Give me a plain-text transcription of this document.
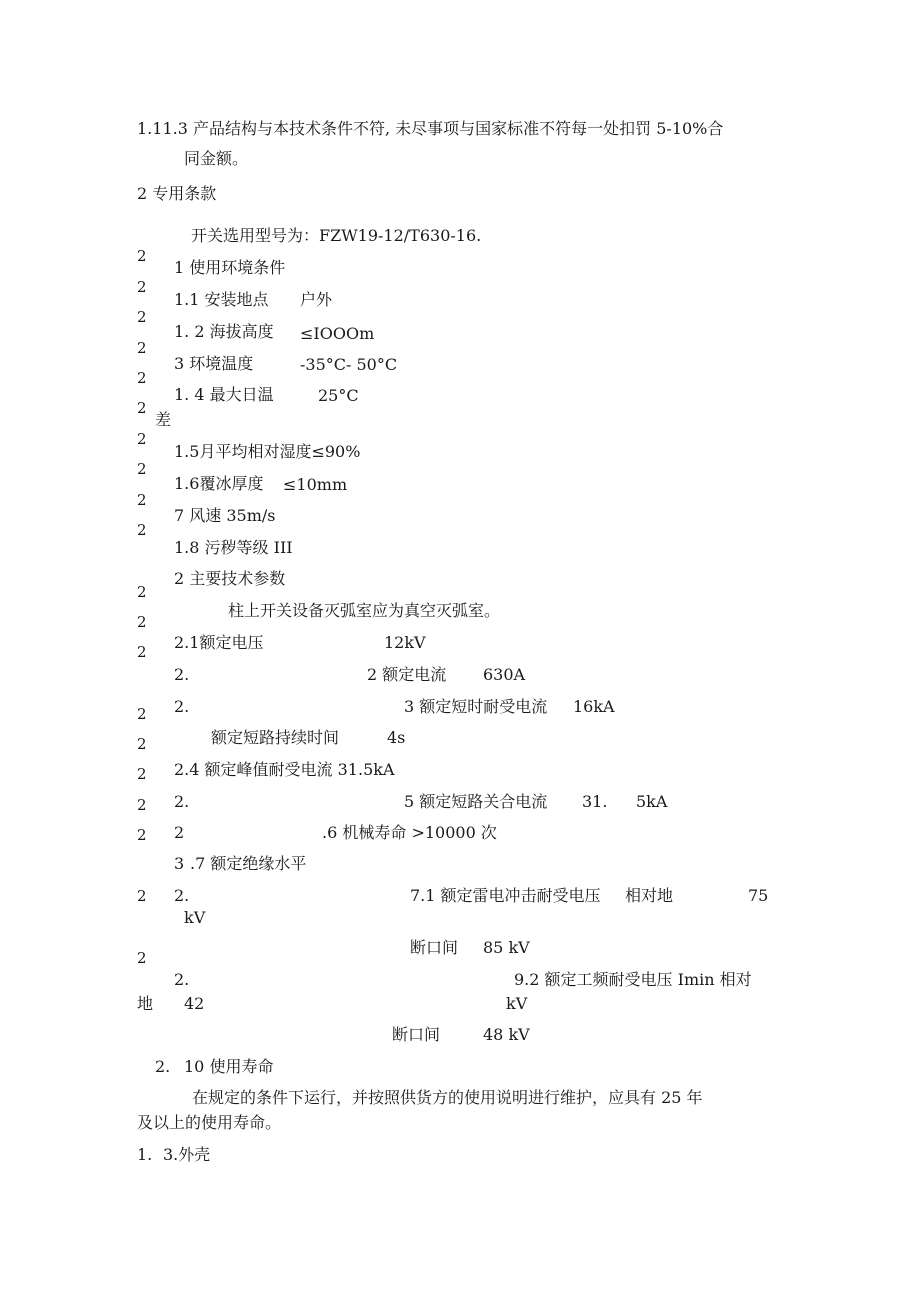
1.11.3 产品结构与本技术条件不符, 未尽事项与国家标准不符每一处扣罚 5-10%合
同金额。
2 专用条款
开关选用型号为：FZW19-12/T630-16.
2
2
2
2
2
2
2
2
2
2
2
2
2
2
2
2
2
2
2
2
1 使用环境条件
1.1 安装地点 户外
1. 2 海拔高度 ≤IOOOm
3 环境温度	-35°C- 50°C
1. 4 最大日温	25°C
差
1.5月平均相对湿度≤90%
1.6覆冰厚度 ≤10mm
7 风速 35m∕s
1.8 污秽等级 III
2 主要技术参数
柱上开关设备灭弧室应为真空灭弧室。
2.1额定电压	12kV
2.	2 额定电流 630A
2.	3 额定短时耐受电流 16kA
额定短路持续时间	4s
2.4 额定峰值耐受电流 31.5kA
2.	5 额定短路关合电流 31. 5kA
2	.6 机械寿命 >10000 次
3 .7 额定绝缘水平
2.	7.1 额定雷电冲击耐受电压 相对地	75
kV
断口间 85 kV
2.	9.2 额定工频耐受电压 Imin 相对
地 42	kV
断口间	48 kV
2. 10 使用寿命
在规定的条件下运行，并按照供货方的使用说明进行维护，应具有 25 年
及以上的使用寿命。
1. 3.外壳
